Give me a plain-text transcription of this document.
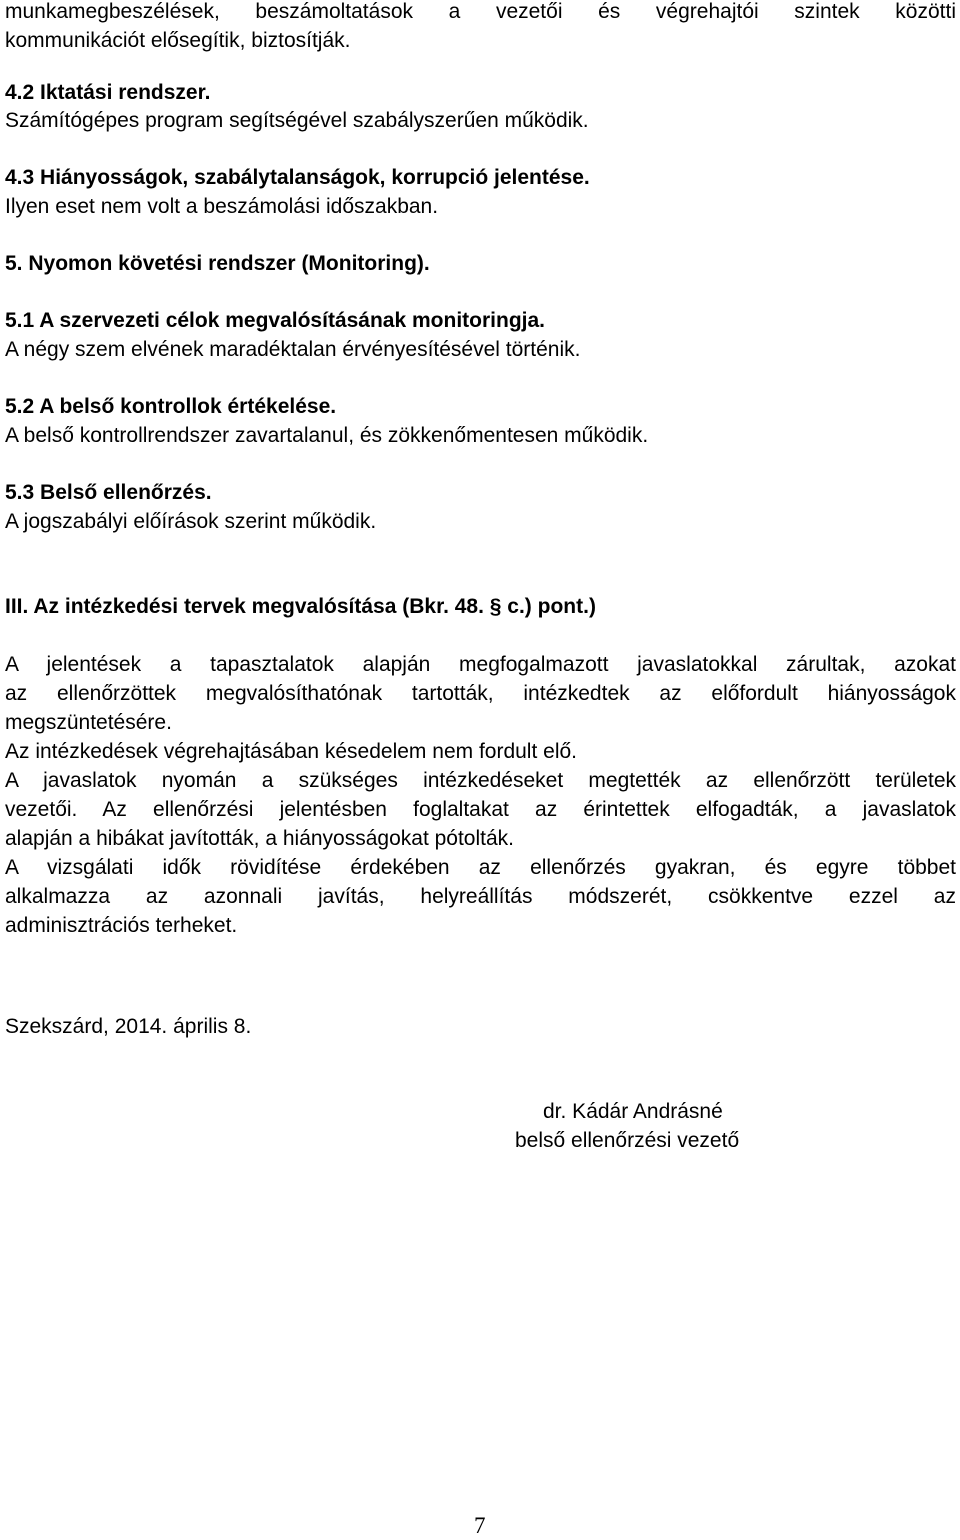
munkamegbeszélések, beszámoltatások a vezetői és végrehajtói szintek közötti
kommunikációt elősegítik, biztosítják.
4.2 Iktatási rendszer.
Számítógépes program segítségével szabályszerűen működik.
4.3 Hiányosságok, szabálytalanságok, korrupció jelentése.
Ilyen eset nem volt a beszámolási időszakban.
5. Nyomon követési rendszer (Monitoring).
5.1 A szervezeti célok megvalósításának monitoringja.
A négy szem elvének maradéktalan érvényesítésével történik.
5.2 A belső kontrollok értékelése.
A belső kontrollrendszer zavartalanul, és zökkenőmentesen működik.
5.3 Belső ellenőrzés.
A jogszabályi előírások szerint működik.
III. Az intézkedési tervek megvalósítása (Bkr. 48. § c.) pont.)
A jelentések a tapasztalatok alapján megfogalmazott javaslatokkal zárultak, azokat
az ellenőrzöttek megvalósíthatónak tartották, intézkedtek az előfordult hiányosságok
megszüntetésére.
Az intézkedések végrehajtásában késedelem nem fordult elő.
A javaslatok nyomán a szükséges intézkedéseket megtették az ellenőrzött területek
vezetői. Az ellenőrzési jelentésben foglaltakat az érintettek elfogadták, a javaslatok
alapján a hibákat javították, a hiányosságokat pótolták.
A vizsgálati idők rövidítése érdekében az ellenőrzés gyakran, és egyre többet
alkalmazza az azonnali javítás, helyreállítás módszerét, csökkentve ezzel az
adminisztrációs terheket.
Szekszárd, 2014. április 8.
dr. Kádár Andrásné
belső ellenőrzési vezető
7
